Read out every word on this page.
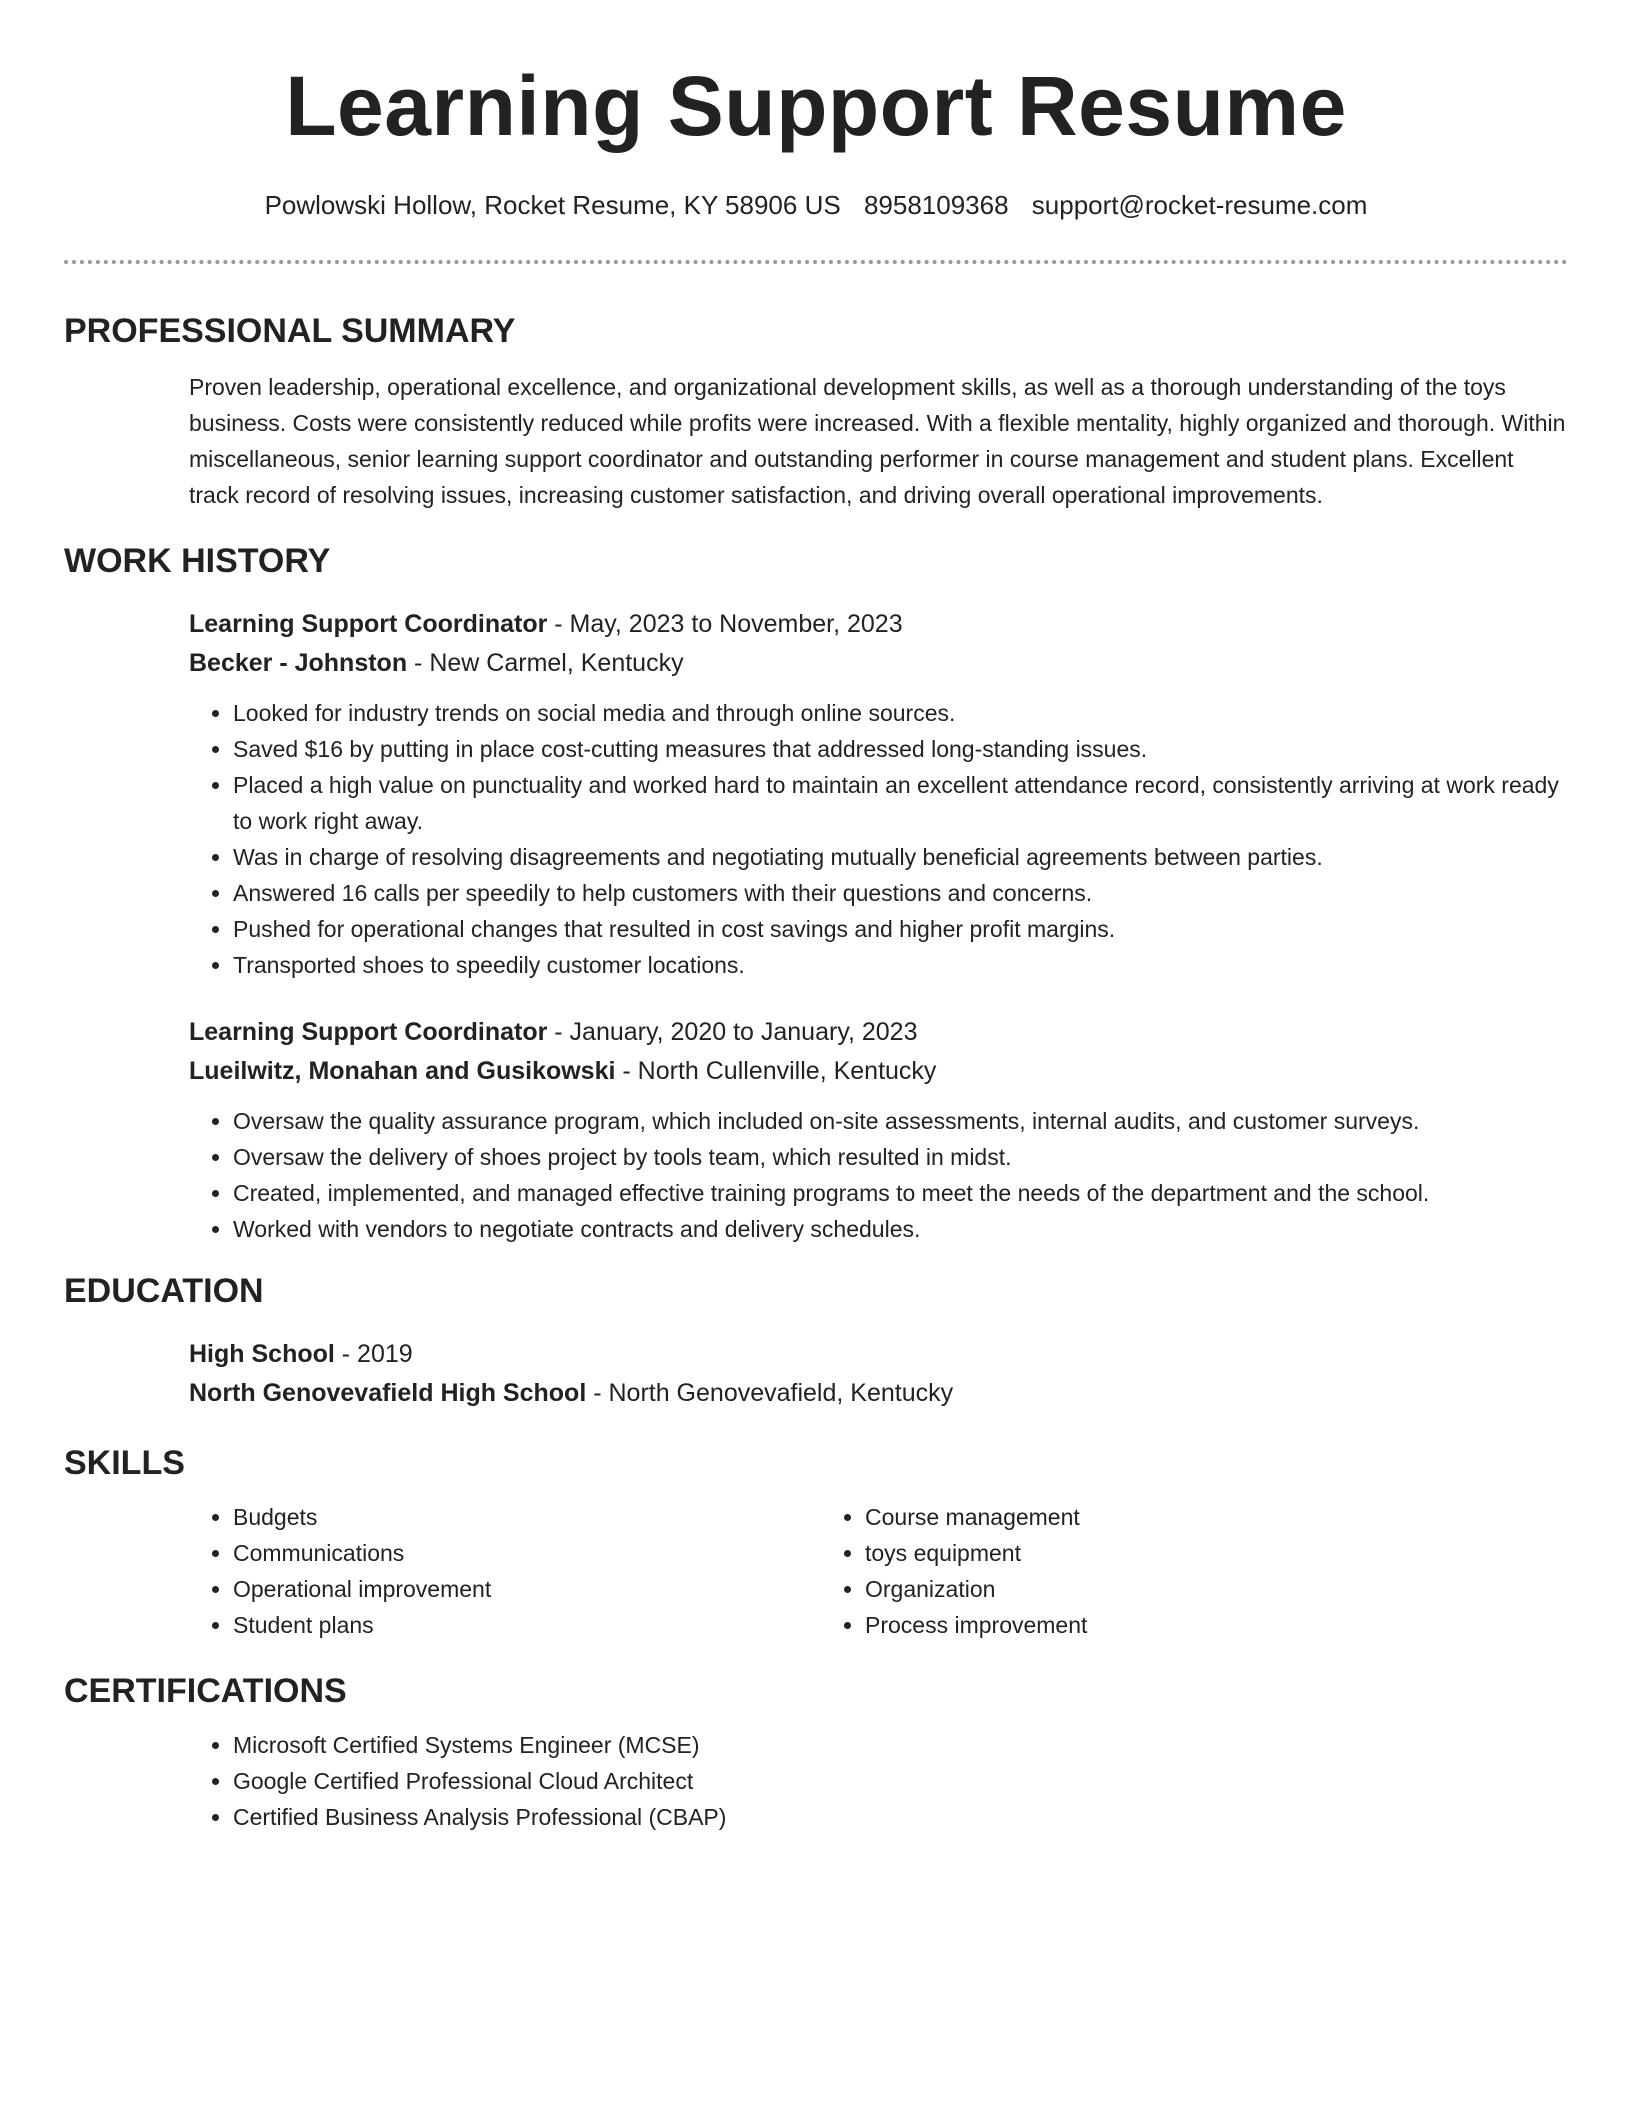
Learning Support Resume
Powlowski Hollow, Rocket Resume, KY 58906 US 8958109368 support@rocket-resume.com
PROFESSIONAL SUMMARY

Proven leadership, operational excellence, and organizational development skills, as well as a thorough understanding of the toys business. Costs were consistently reduced while profits were increased. With a flexible mentality, highly organized and thorough. Within miscellaneous, senior learning support coordinator and outstanding performer in course management and student plans. Excellent track record of resolving issues, increasing customer satisfaction, and driving overall operational improvements.

WORK HISTORY
Learning Support Coordinator - May, 2023 to November, 2023
Becker - Johnston - New Carmel, Kentucky
• Looked for industry trends on social media and through online sources.
• Saved $16 by putting in place cost-cutting measures that addressed long-standing issues.
• Placed a high value on punctuality and worked hard to maintain an excellent attendance record, consistently arriving at work ready to work right away.
• Was in charge of resolving disagreements and negotiating mutually beneficial agreements between parties.
• Answered 16 calls per speedily to help customers with their questions and concerns.
• Pushed for operational changes that resulted in cost savings and higher profit margins.
• Transported shoes to speedily customer locations.
Learning Support Coordinator - January, 2020 to January, 2023
Lueilwitz, Monahan and Gusikowski - North Cullenville, Kentucky
• Oversaw the quality assurance program, which included on-site assessments, internal audits, and customer surveys.
• Oversaw the delivery of shoes project by tools team, which resulted in midst.
• Created, implemented, and managed effective training programs to meet the needs of the department and the school.
• Worked with vendors to negotiate contracts and delivery schedules.
EDUCATION
High School - 2019
North Genovevafield High School - North Genovevafield, Kentucky
SKILLS
• Budgets
• Communications
• Operational improvement
• Student plans
• Course management
• toys equipment
• Organization
• Process improvement
CERTIFICATIONS
• Microsoft Certified Systems Engineer (MCSE)
• Google Certified Professional Cloud Architect
• Certified Business Analysis Professional (CBAP)
